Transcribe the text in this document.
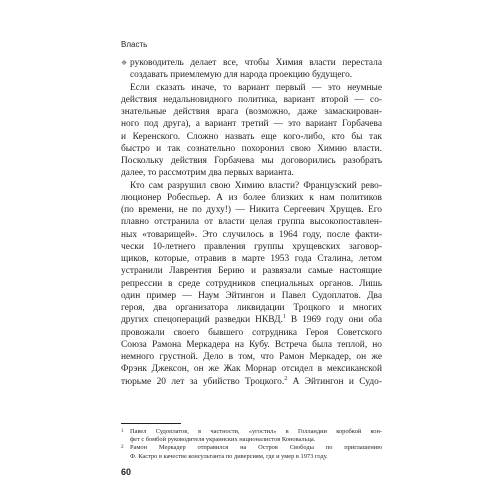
Власть
❖ руководитель делает все, чтобы Химия власти перестала
создавать приемлемую для народа проекцию будущего.
Если сказать иначе, то вариант первый — это неумные
действия недальновидного политика, вариант второй — со-
знательные действия врага (возможно, даже замаскирован-
ного под друга), а вариант третий — это вариант Горбачева
и Керенского. Сложно назвать еще кого-либо, кто бы так
быстро и так сознательно похоронил свою Химию власти.
Поскольку действия Горбачева мы договорились разобрать
далее, то рассмотрим два первых варианта.
Кто сам разрушил свою Химию власти? Французский рево-
люционер Робеспьер. А из более близких к нам политиков
(по времени, не по духу!) — Никита Сергеевич Хрущев. Его
плавно отстранила от власти целая группа высокопоставлен-
ных «товарищей». Это случилось в 1964 году, после факти-
чески 10-летнего правления группы хрущевских заговор-
щиков, которые, отравив в марте 1953 года Сталина, летом
устранили Лаврентия Берию и развязали самые настоящие
репрессии в среде сотрудников специальных органов. Лишь
один пример — Наум Эйтингон и Павел Судоплатов. Два
героя, два организатора ликвидации Троцкого и многих
других спецопераций разведки НКВД.$^1$ В 1969 году они оба
провожали своего бывшего сотрудника Героя Советского
Союза Рамона Меркадера на Кубу. Встреча была теплой, но
немного грустной. Дело в том, что Рамон Меркадер, он же
Фрэнк Джексон, он же Жак Морнар отсидел в мексиканской
тюрьме 20 лет за убийство Троцкого.$^2$ А Эйтингон и Судо-
1 Павел Судоплатов, в частности, «угостил» в Голландии коробкой кон-
фет с бомбой руководителя украинских националистов Коновальца.
2 Рамон Меркадер отправился на Остров Свободы по приглашению
Ф. Кастро в качестве консультанта по диверсиям, где и умер в 1973 году.
60
